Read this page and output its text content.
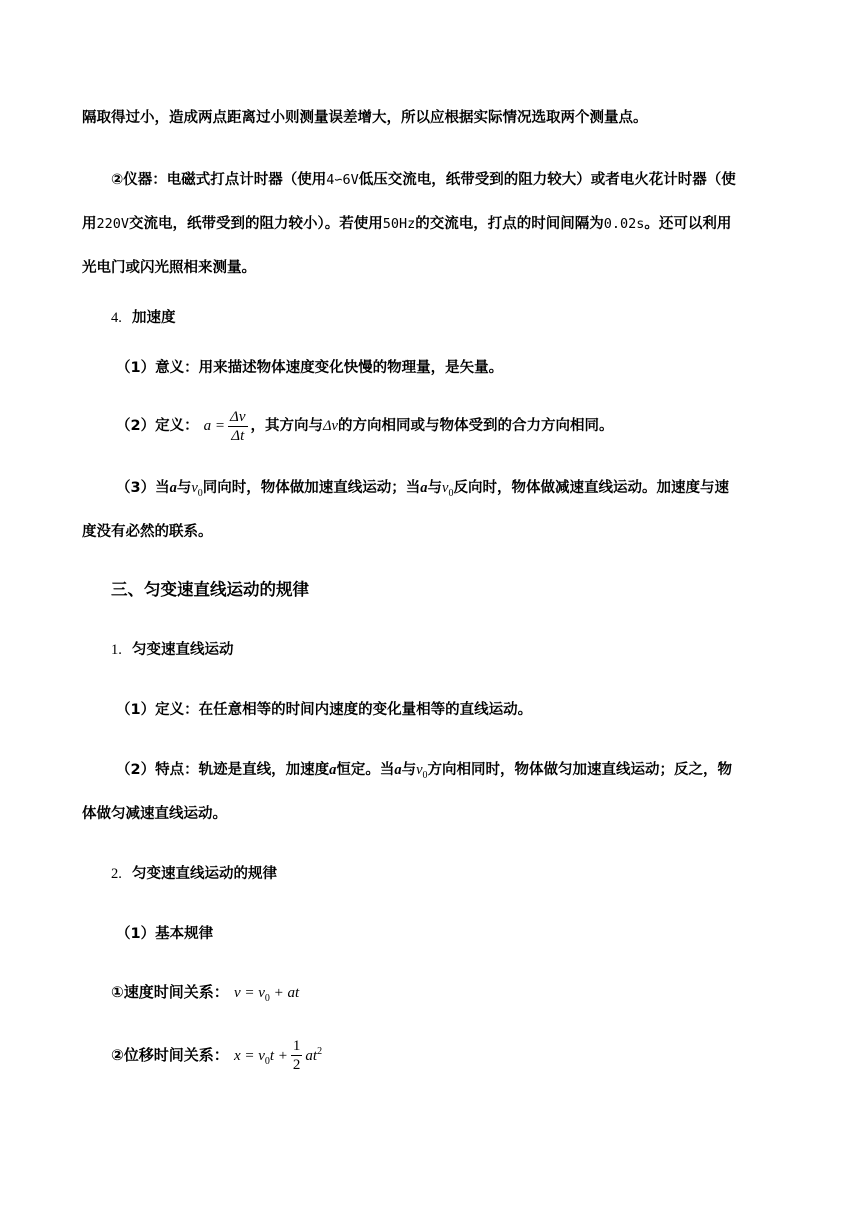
隔取得过小，造成两点距离过小则测量误差增大，所以应根据实际情况选取两个测量点。
②仪器：电磁式打点计时器（使用4∽6V低压交流电，纸带受到的阻力较大）或者电火花计时器（使
用220V交流电，纸带受到的阻力较小）。若使用50Hz的交流电，打点的时间间隔为0.02s。还可以利用
光电门或闪光照相来测量。
4. 加速度
（1）意义：用来描述物体速度变化快慢的物理量，是矢量。
（2）定义： $a = \frac{\Delta v}{\Delta t}$ ，其方向与Δv的方向相同或与物体受到的合力方向相同。
（3）当a与$v_0$同向时，物体做加速直线运动；当a与$v_0$反向时，物体做减速直线运动。加速度与速
度没有必然的联系。
三、匀变速直线运动的规律
1. 匀变速直线运动
（1）定义：在任意相等的时间内速度的变化量相等的直线运动。
（2）特点：轨迹是直线，加速度a恒定。当a与$v_0$方向相同时，物体做匀加速直线运动；反之，物
体做匀减速直线运动。
2. 匀变速直线运动的规律
（1）基本规律
①速度时间关系： $v = v_0$ + at
②位移时间关系： $x = v_0t + \frac{1}{2} at^2$
